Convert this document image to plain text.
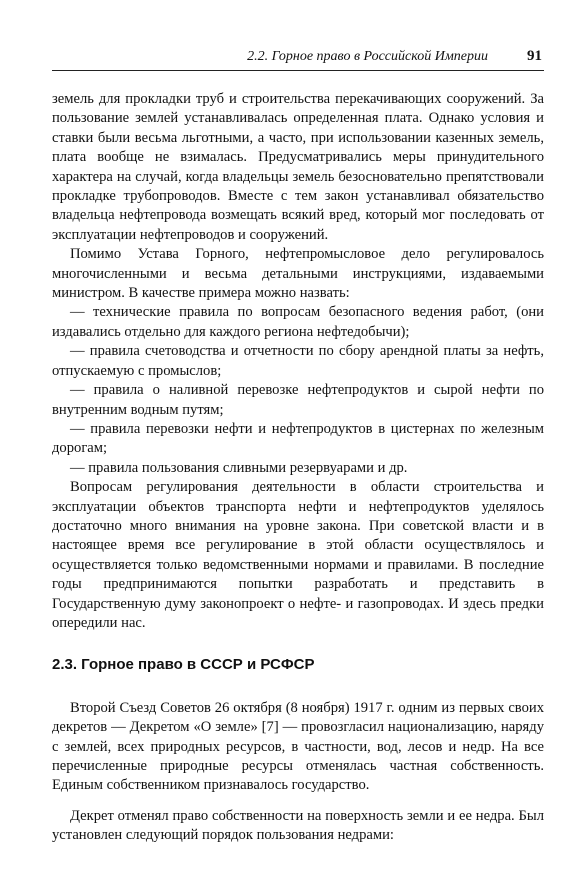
2.2. Горное право в Российской Империи	91

земель для прокладки труб и строительства перекачивающих сооружений. За пользование землей устанавливалась определенная плата. Однако условия и ставки были весьма льготными, а часто, при использовании казенных земель, плата вообще не взималась. Предусматривались меры принудительного характера на случай, когда владельцы земель безосновательно препятствовали прокладке трубопроводов. Вместе с тем закон устанавливал обязательство владельца нефтепровода возмещать всякий вред, который мог последовать от эксплуатации нефтепроводов и сооружений.

Помимо Устава Горного, нефтепромысловое дело регулировалось многочисленными и весьма детальными инструкциями, издаваемыми министром. В качестве примера можно назвать:

— технические правила по вопросам безопасного ведения работ, (они издавались отдельно для каждого региона нефтедобычи);

— правила счетоводства и отчетности по сбору арендной платы за нефть, отпускаемую с промыслов;

— правила о наливной перевозке нефтепродуктов и сырой нефти по внутренним водным путям;

— правила перевозки нефти и нефтепродуктов в цистернах по железным дорогам;

— правила пользования сливными резервуарами и др.

Вопросам регулирования деятельности в области строительства и эксплуатации объектов транспорта нефти и нефтепродуктов уделялось достаточно много внимания на уровне закона. При советской власти и в настоящее время все регулирование в этой области осуществлялось и осуществляется только ведомственными нормами и правилами. В последние годы предпринимаются попытки разработать и представить в Государственную думу законопроект о нефте- и газопроводах. И здесь предки опередили нас.

2.3. Горное право в СССР и РСФСР

Второй Съезд Советов 26 октября (8 ноября) 1917 г. одним из первых своих декретов — Декретом «О земле» [7] — провозгласил национализацию, наряду с землей, всех природных ресурсов, в частности, вод, лесов и недр. На все перечисленные природные ресурсы отменялась частная собственность. Единым собственником признавалось государство.

Декрет отменял право собственности на поверхность земли и ее недра. Был установлен следующий порядок пользования недрами:
